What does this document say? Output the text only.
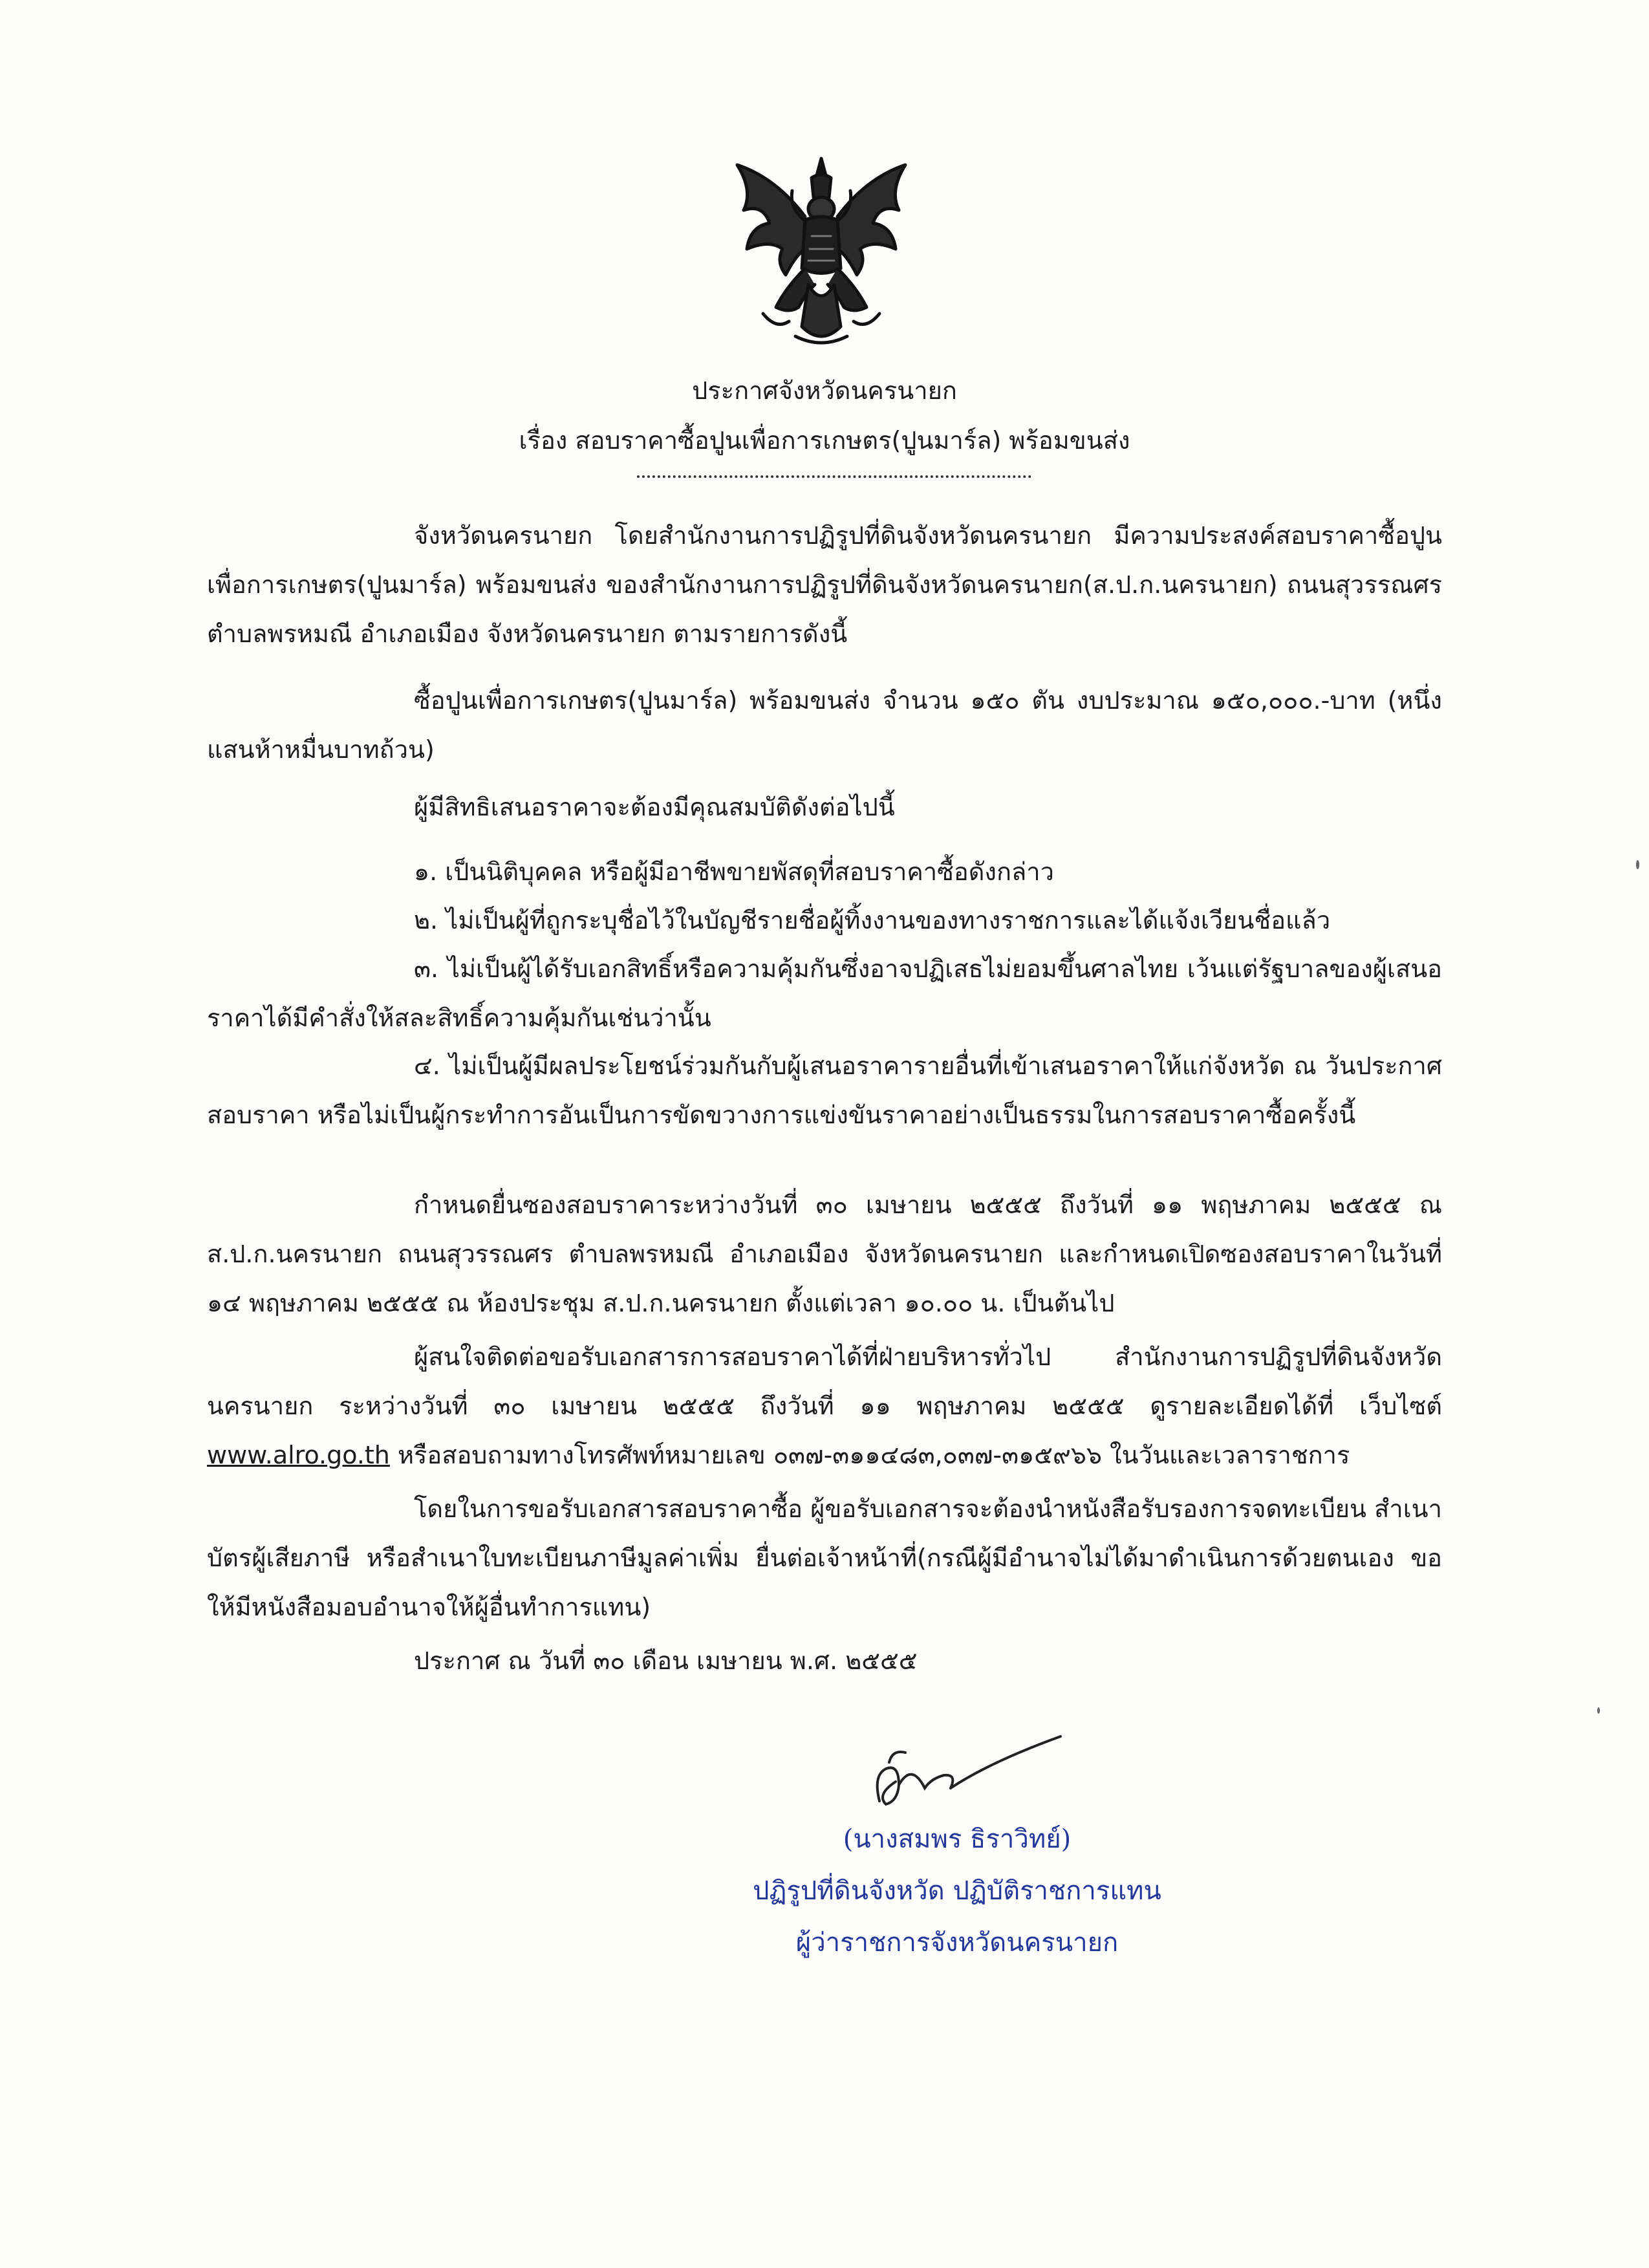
ประกาศจังหวัดนครนายก
เรื่อง สอบราคาซื้อปูนเพื่อการเกษตร(ปูนมาร์ล) พร้อมขนส่ง

จังหวัดนครนายก โดยสำนักงานการปฏิรูปที่ดินจังหวัดนครนายก มีความประสงค์สอบราคาซื้อปูนเพื่อการเกษตร(ปูนมาร์ล) พร้อมขนส่ง ของสำนักงานการปฏิรูปที่ดินจังหวัดนครนายก(ส.ป.ก.นครนายก) ถนนสุวรรณศร ตำบลพรหมณี อำเภอเมือง จังหวัดนครนายก ตามรายการดังนี้

ซื้อปูนเพื่อการเกษตร(ปูนมาร์ล) พร้อมขนส่ง จำนวน ๑๕๐ ตัน งบประมาณ ๑๕๐,๐๐๐.-บาท (หนึ่งแสนห้าหมื่นบาทถ้วน)

ผู้มีสิทธิเสนอราคาจะต้องมีคุณสมบัติดังต่อไปนี้

๑. เป็นนิติบุคคล หรือผู้มีอาชีพขายพัสดุที่สอบราคาซื้อดังกล่าว

๒. ไม่เป็นผู้ที่ถูกระบุชื่อไว้ในบัญชีรายชื่อผู้ทิ้งงานของทางราชการและได้แจ้งเวียนชื่อแล้ว

๓. ไม่เป็นผู้ได้รับเอกสิทธิ์หรือความคุ้มกันซึ่งอาจปฏิเสธไม่ยอมขึ้นศาลไทย เว้นแต่รัฐบาลของผู้เสนอราคาได้มีคำสั่งให้สละสิทธิ์ความคุ้มกันเช่นว่านั้น

๔. ไม่เป็นผู้มีผลประโยชน์ร่วมกันกับผู้เสนอราคารายอื่นที่เข้าเสนอราคาให้แก่จังหวัด ณ วันประกาศสอบราคา หรือไม่เป็นผู้กระทำการอันเป็นการขัดขวางการแข่งขันราคาอย่างเป็นธรรมในการสอบราคาซื้อครั้งนี้

กำหนดยื่นซองสอบราคาระหว่างวันที่ ๓๐ เมษายน ๒๕๕๕ ถึงวันที่ ๑๑ พฤษภาคม ๒๕๕๕ ณ ส.ป.ก.นครนายก ถนนสุวรรณศร ตำบลพรหมณี อำเภอเมือง จังหวัดนครนายก และกำหนดเปิดซองสอบราคาในวันที่ ๑๔ พฤษภาคม ๒๕๕๕ ณ ห้องประชุม ส.ป.ก.นครนายก ตั้งแต่เวลา ๑๐.๐๐ น. เป็นต้นไป

ผู้สนใจติดต่อขอรับเอกสารการสอบราคาได้ที่ฝ่ายบริหารทั่วไป สำนักงานการปฏิรูปที่ดินจังหวัดนครนายก ระหว่างวันที่ ๓๐ เมษายน ๒๕๕๕ ถึงวันที่ ๑๑ พฤษภาคม ๒๕๕๕ ดูรายละเอียดได้ที่ เว็บไซต์ www.alro.go.th หรือสอบถามทางโทรศัพท์หมายเลข ๐๓๗-๓๑๑๔๘๓,๐๓๗-๓๑๕๙๖๖ ในวันและเวลาราชการ

โดยในการขอรับเอกสารสอบราคาซื้อ ผู้ขอรับเอกสารจะต้องนำหนังสือรับรองการจดทะเบียน สำเนาบัตรผู้เสียภาษี หรือสำเนาใบทะเบียนภาษีมูลค่าเพิ่ม ยื่นต่อเจ้าหน้าที่(กรณีผู้มีอำนาจไม่ได้มาดำเนินการด้วยตนเอง ขอให้มีหนังสือมอบอำนาจให้ผู้อื่นทำการแทน)

ประกาศ ณ วันที่ ๓๐ เดือน เมษายน พ.ศ. ๒๕๕๕

(นางสมพร ธิราวิทย์)
ปฏิรูปที่ดินจังหวัด ปฏิบัติราชการแทน
ผู้ว่าราชการจังหวัดนครนายก
